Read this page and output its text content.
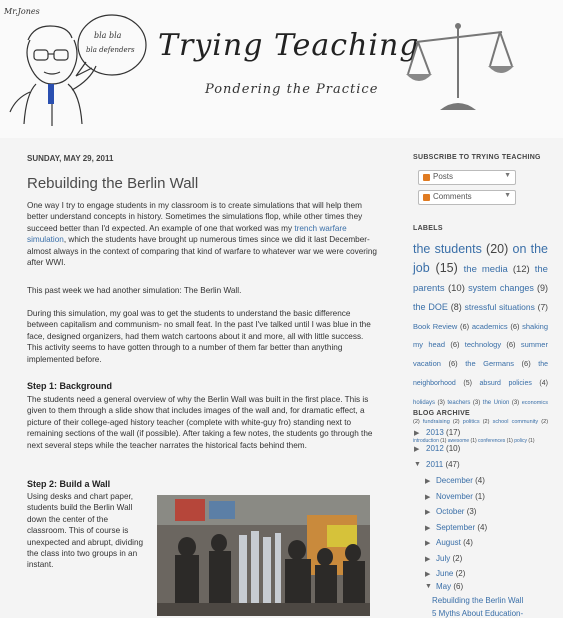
Mr.Jones
bla bla
bla defenders Trying Teaching
Pondering the Practice
SUNDAY, MAY 29, 2011
Rebuilding the Berlin Wall

One way I try to engage students in my classroom is to create simulations that will help them better understand concepts in history. Sometimes the simulations flop, while other times they succeed better than I'd expected. An example of one that worked was my trench warfare simulation, which the students have brought up numerous times since we did it last December- almost always in the context of comparing that kind of warfare to whatever war we were covering after WWI.

This past week we had another simulation: The Berlin Wall.

During this simulation, my goal was to get the students to understand the basic difference between capitalism and communism- no small feat. In the past I've talked until I was blue in the face, designed organizers, had them watch cartoons about it and more, all with little success. This activity seems to have gotten through to a number of them far better than anything implemented before.

Step 1: Background

The students need a general overview of why the Berlin Wall was built in the first place. This is given to them through a slide show that includes images of the wall and, for dramatic effect, a picture of their college-aged history teacher (complete with white-guy fro) standing next to remaining sections of the wall (if possible). After taking a few notes, the students go through the next several steps while the teacher narrates the historical facts behind them.

Step 2: Build a Wall

Using desks and chart paper, students build the Berlin Wall down the center of the classroom. This of course is unexpected and abrupt, dividing the class into two groups in an instant.

SUBSCRIBE TO TRYING TEACHING
Posts	▼
Comments	▼
LABELS
the students (20) on the job (15) the media (12) the parents (10) system changes (9) the DOE (8) stressful situations (7) Book Review (6) academics (6) shaking my head (6) technology (6) summer vacation (6) the Germans (6) the neighborhood (5) absurd policies (4) holidays (3) teachers (3) the Union (3) economics (2) fundraising (2) politics (2) school community (2) introduction (1) awesome (1) conferences (1) policy (1)
BLOG ARCHIVE
▶ 2013 (17)
▶ 2012 (10)
▼ 2011 (47)
▶ December (4)
▶ November (1)
▶ October (3)
▶ September (4)
▶ August (4)
▶ July (2)
▶ June (2)
▼ May (6)
Rebuilding the Berlin Wall
5 Myths About Education-
